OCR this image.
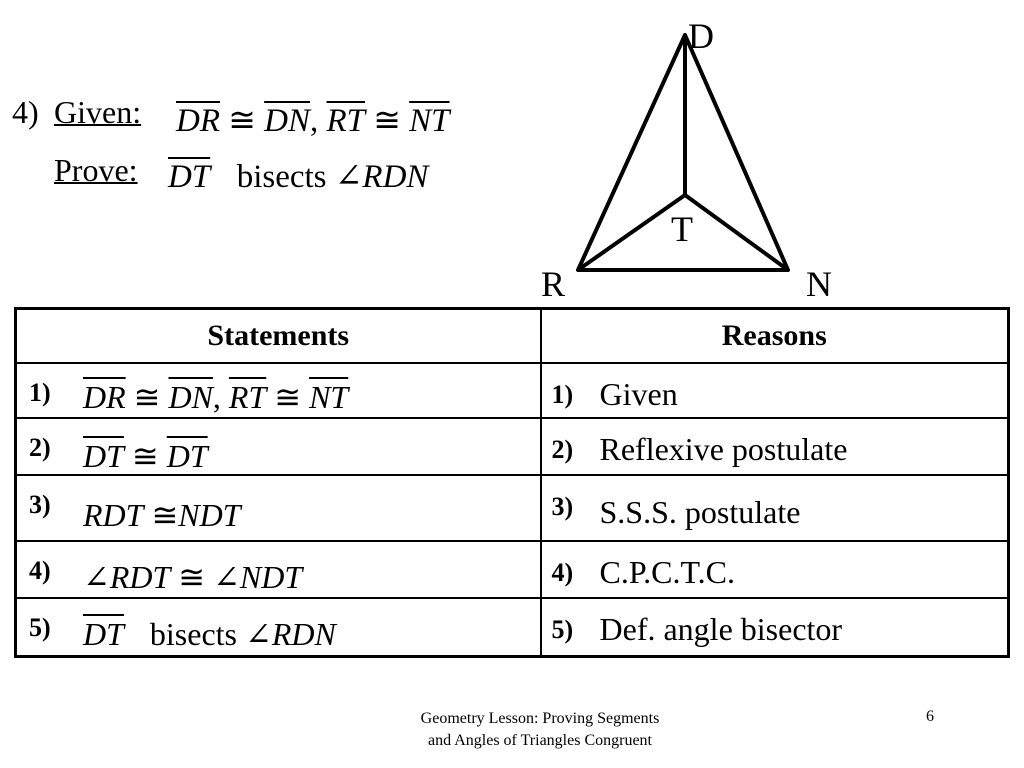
4) Given: $\overline{DR}$ ≅ $\overline{DN}$, $\overline{RT}$ ≅ $\overline{NT}$
Prove: $\overline{DT}$ bisects ∠RDN
D
T
R	N
Statements	Reasons

1) $\overline{DR}$ ≅ $\overline{DN}$, $\overline{RT}$ ≅ $\overline{NT}$	1) Given

2) $\overline{DT}$ ≅ $\overline{DT}$	2) Reflexive postulate

3) RDT ≅NDT	3) S.S.S. postulate

4) ∠RDT ≅ ∠NDT	4) C.P.C.T.C.

5) $\overline{DT}$ bisects ∠RDN	5) Def. angle bisector
Geometry Lesson: Proving Segments
and Angles of Triangles Congruent
6
